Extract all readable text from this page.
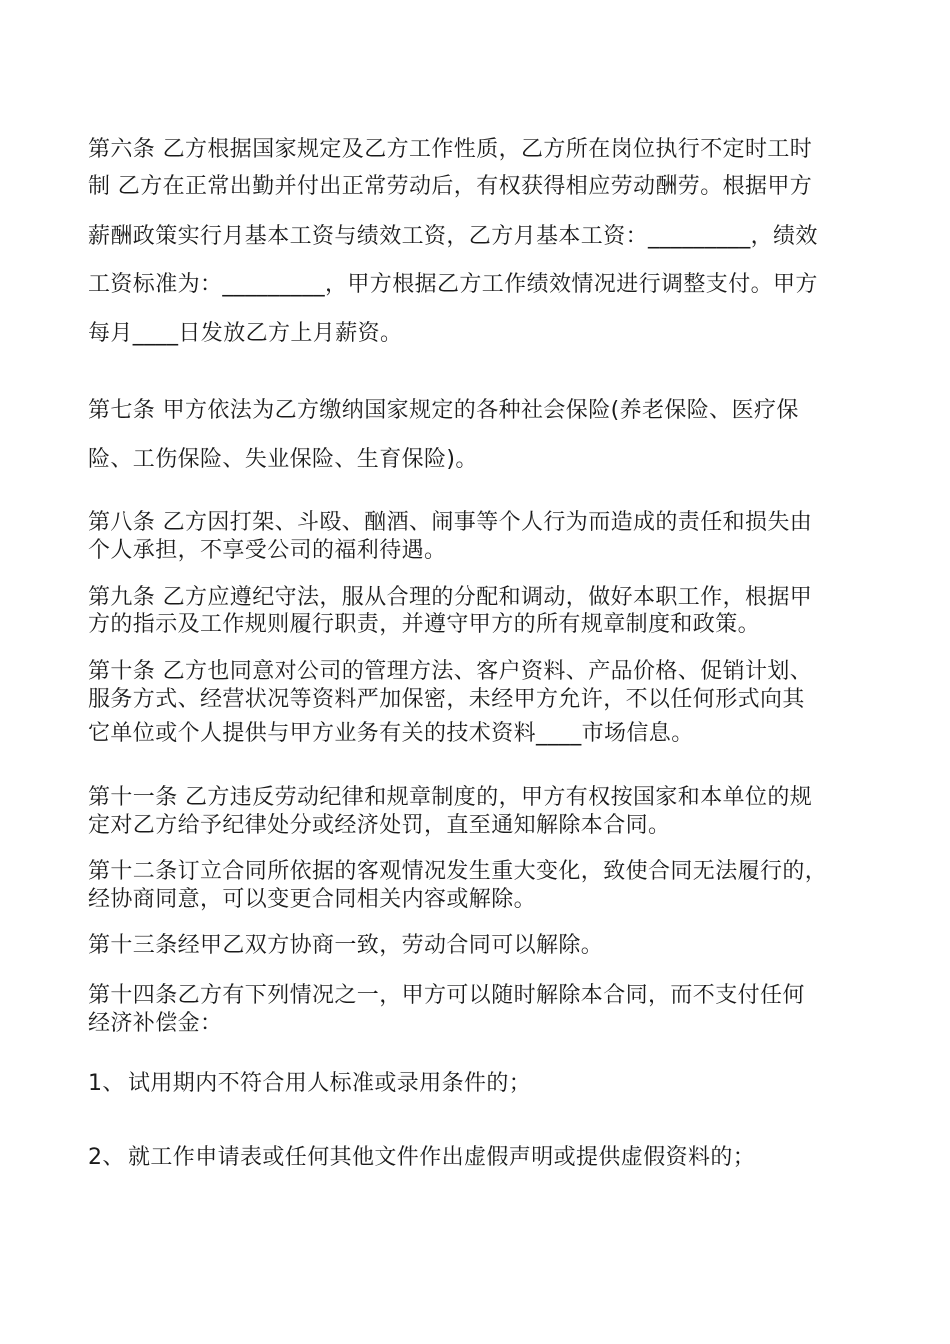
第六条 乙方根据国家规定及乙方工作性质，乙方所在岗位执行不定时工时
制 乙方在正常出勤并付出正常劳动后，有权获得相应劳动酬劳。根据甲方
薪酬政策实行月基本工资与绩效工资，乙方月基本工资：_________，绩效
工资标准为：_________，甲方根据乙方工作绩效情况进行调整支付。甲方
每月____日发放乙方上月薪资。
第七条 甲方依法为乙方缴纳国家规定的各种社会保险(养老保险、医疗保
险、工伤保险、失业保险、生育保险)。
第八条 乙方因打架、斗殴、酗酒、闹事等个人行为而造成的责任和损失由
个人承担，不享受公司的福利待遇。
第九条 乙方应遵纪守法，服从合理的分配和调动，做好本职工作，根据甲
方的指示及工作规则履行职责，并遵守甲方的所有规章制度和政策。
第十条 乙方也同意对公司的管理方法、客户资料、产品价格、促销计划、
服务方式、经营状况等资料严加保密，未经甲方允许，不以任何形式向其
它单位或个人提供与甲方业务有关的技术资料____市场信息。
第十一条 乙方违反劳动纪律和规章制度的，甲方有权按国家和本单位的规
定对乙方给予纪律处分或经济处罚，直至通知解除本合同。
第十二条订立合同所依据的客观情况发生重大变化，致使合同无法履行的，
经协商同意，可以变更合同相关内容或解除。
第十三条经甲乙双方协商一致，劳动合同可以解除。
第十四条乙方有下列情况之一，甲方可以随时解除本合同，而不支付任何
经济补偿金：
1、 试用期内不符合用人标准或录用条件的；
2、 就工作申请表或任何其他文件作出虚假声明或提供虚假资料的；
